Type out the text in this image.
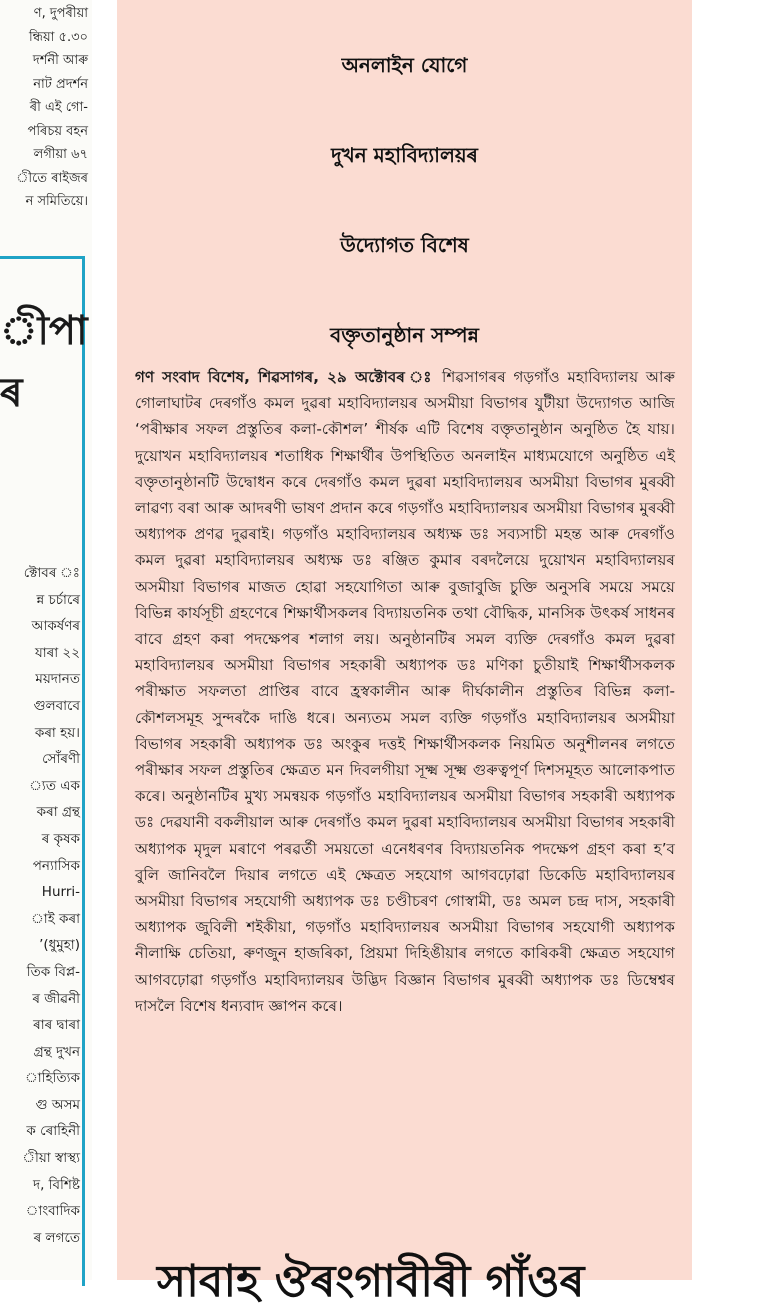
ণ, দুপৰীয়া
ন্ধিয়া ৫.৩০
দৰ্শনী আৰু
নাট প্ৰদৰ্শন
ৰী এই গো-
পৰিচয় বহন
লগীয়া ৬৭
ীতে ৰাইজৰ
ন সমিতিয়ে।
ীপা
ৰ
ক্টোবৰ ঃ
ন্ন চৰ্চাৰে
আকৰ্ষণৰ
যাৰা ২২
ময়দানত
গুলবাবে
কৰা হয়।
সোঁৰণী
্যত এক
কৰা গ্ৰন্থ
ৰ কৃষক
পন্যাসিক
Hurri-
াই কৰা
’(ধুমুহা)
তিক বিপ্ল-
ৰ জীৱনী
ৰাৰ দ্বাৰা
গ্ৰন্থ দুখন
াহিত্যিক
গু অসম
ক ৰোহিনী
ীয়া স্বাস্থ্য
দ, বিশিষ্ট
াংবাদিক
ৰ লগতে
অনলাইন যোগে
দুখন মহাবিদ্যালয়ৰ
উদ্যোগত বিশেষ
বক্তৃতানুষ্ঠান সম্পন্ন
গণ সংবাদ বিশেষ, শিৱসাগৰ, ২৯ অক্টোবৰ ঃ শিৱসাগৰৰ গড়গাঁও মহাবিদ্যালয় আৰু গোলাঘাটৰ দেৰগাঁও কমল দুৱৰা মহাবিদ্যালয়ৰ অসমীয়া বিভাগৰ যুটীয়া উদ্যোগত আজি ‘পৰীক্ষাৰ সফল প্ৰস্তুতিৰ কলা-কৌশল’ শীৰ্ষক এটি বিশেষ বক্তৃতানুষ্ঠান অনুষ্ঠিত হৈ যায়। দুয়োখন মহাবিদ্যালয়ৰ শতাধিক শিক্ষাৰ্থীৰ উপস্থিতিত অনলাইন মাধ্যমযোগে অনুষ্ঠিত এই বক্তৃতানুষ্ঠানটি উদ্বোধন কৰে দেৰগাঁও কমল দুৱৰা মহাবিদ্যালয়ৰ অসমীয়া বিভাগৰ মুৰব্বী লাৱণ্য বৰা আৰু আদৰণী ভাষণ প্ৰদান কৰে গড়গাঁও মহাবিদ্যালয়ৰ অসমীয়া বিভাগৰ মুৰব্বী অধ্যাপক প্ৰণৱ দুৱৰাই। গড়গাঁও মহাবিদ্যালয়ৰ অধ্যক্ষ ডঃ সব্যসাচী মহন্ত আৰু দেৰগাঁও কমল দুৱৰা মহাবিদ্যালয়ৰ অধ্যক্ষ ডঃ ৰঞ্জিত কুমাৰ বৰদলৈয়ে দুয়োখন মহাবিদ্যালয়ৰ অসমীয়া বিভাগৰ মাজত হোৱা সহযোগিতা আৰু বুজাবুজি চুক্তি অনুসৰি সময়ে সময়ে বিভিন্ন কাৰ্যসূচী গ্ৰহণেৰে শিক্ষাৰ্থীসকলৰ বিদ্যায়তনিক তথা বৌদ্ধিক, মানসিক উৎকৰ্ষ সাধনৰ বাবে গ্ৰহণ কৰা পদক্ষেপৰ শলাগ লয়। অনুষ্ঠানটিৰ সমল ব্যক্তি দেৰগাঁও কমল দুৱৰা মহাবিদ্যালয়ৰ অসমীয়া বিভাগৰ সহকাৰী অধ্যাপক ডঃ মণিকা চুতীয়াই শিক্ষাৰ্থীসকলক পৰীক্ষাত সফলতা প্ৰাপ্তিৰ বাবে হ্ৰস্বকালীন আৰু দীৰ্ঘকালীন প্ৰস্তুতিৰ বিভিন্ন কলা-কৌশলসমূহ সুন্দৰকৈ দাঙি ধৰে। অন্যতম সমল ব্যক্তি গড়গাঁও মহাবিদ্যালয়ৰ অসমীয়া বিভাগৰ সহকাৰী অধ্যাপক ডঃ অংকুৰ দত্তই শিক্ষাৰ্থীসকলক নিয়মিত অনুশীলনৰ লগতে পৰীক্ষাৰ সফল প্ৰস্তুতিৰ ক্ষেত্ৰত মন দিবলগীয়া সূক্ষ্ম সূক্ষ্ম গুৰুত্বপূৰ্ণ দিশসমূহত আলোকপাত কৰে। অনুষ্ঠানটিৰ মুখ্য সমন্বয়ক গড়গাঁও মহাবিদ্যালয়ৰ অসমীয়া বিভাগৰ সহকাৰী অধ্যাপক ডঃ দেৱযানী বকলীয়াল আৰু দেৰগাঁও কমল দুৱৰা মহাবিদ্যালয়ৰ অসমীয়া বিভাগৰ সহকাৰী অধ্যাপক মৃদুল মৰাণে পৰৱৰ্তী সময়তো এনেধৰণৰ বিদ্যায়তনিক পদক্ষেপ গ্ৰহণ কৰা হ’ব বুলি জানিবলৈ দিয়াৰ লগতে এই ক্ষেত্ৰত সহযোগ আগবঢ়োৱা ডিকেডি মহাবিদ্যালয়ৰ অসমীয়া বিভাগৰ সহযোগী অধ্যাপক ডঃ চণ্ডীচৰণ গোস্বামী, ডঃ অমল চন্দ্ৰ দাস, সহকাৰী অধ্যাপক জুবিলী শইকীয়া, গড়গাঁও মহাবিদ্যালয়ৰ অসমীয়া বিভাগৰ সহযোগী অধ্যাপক নীলাক্ষি চেতিয়া, ৰুণজুন হাজৰিকা, প্ৰিয়মা দিহিঙীয়াৰ লগতে কাৰিকৰী ক্ষেত্ৰত সহযোগ আগবঢ়োৱা গড়গাঁও মহাবিদ্যালয়ৰ উদ্ভিদ বিজ্ঞান বিভাগৰ মুৰব্বী অধ্যাপক ডঃ ডিম্বেশ্বৰ দাসলৈ বিশেষ ধন্যবাদ জ্ঞাপন কৰে।
সাবাহ ঔৰংগাবীৰী গাঁওৰ
